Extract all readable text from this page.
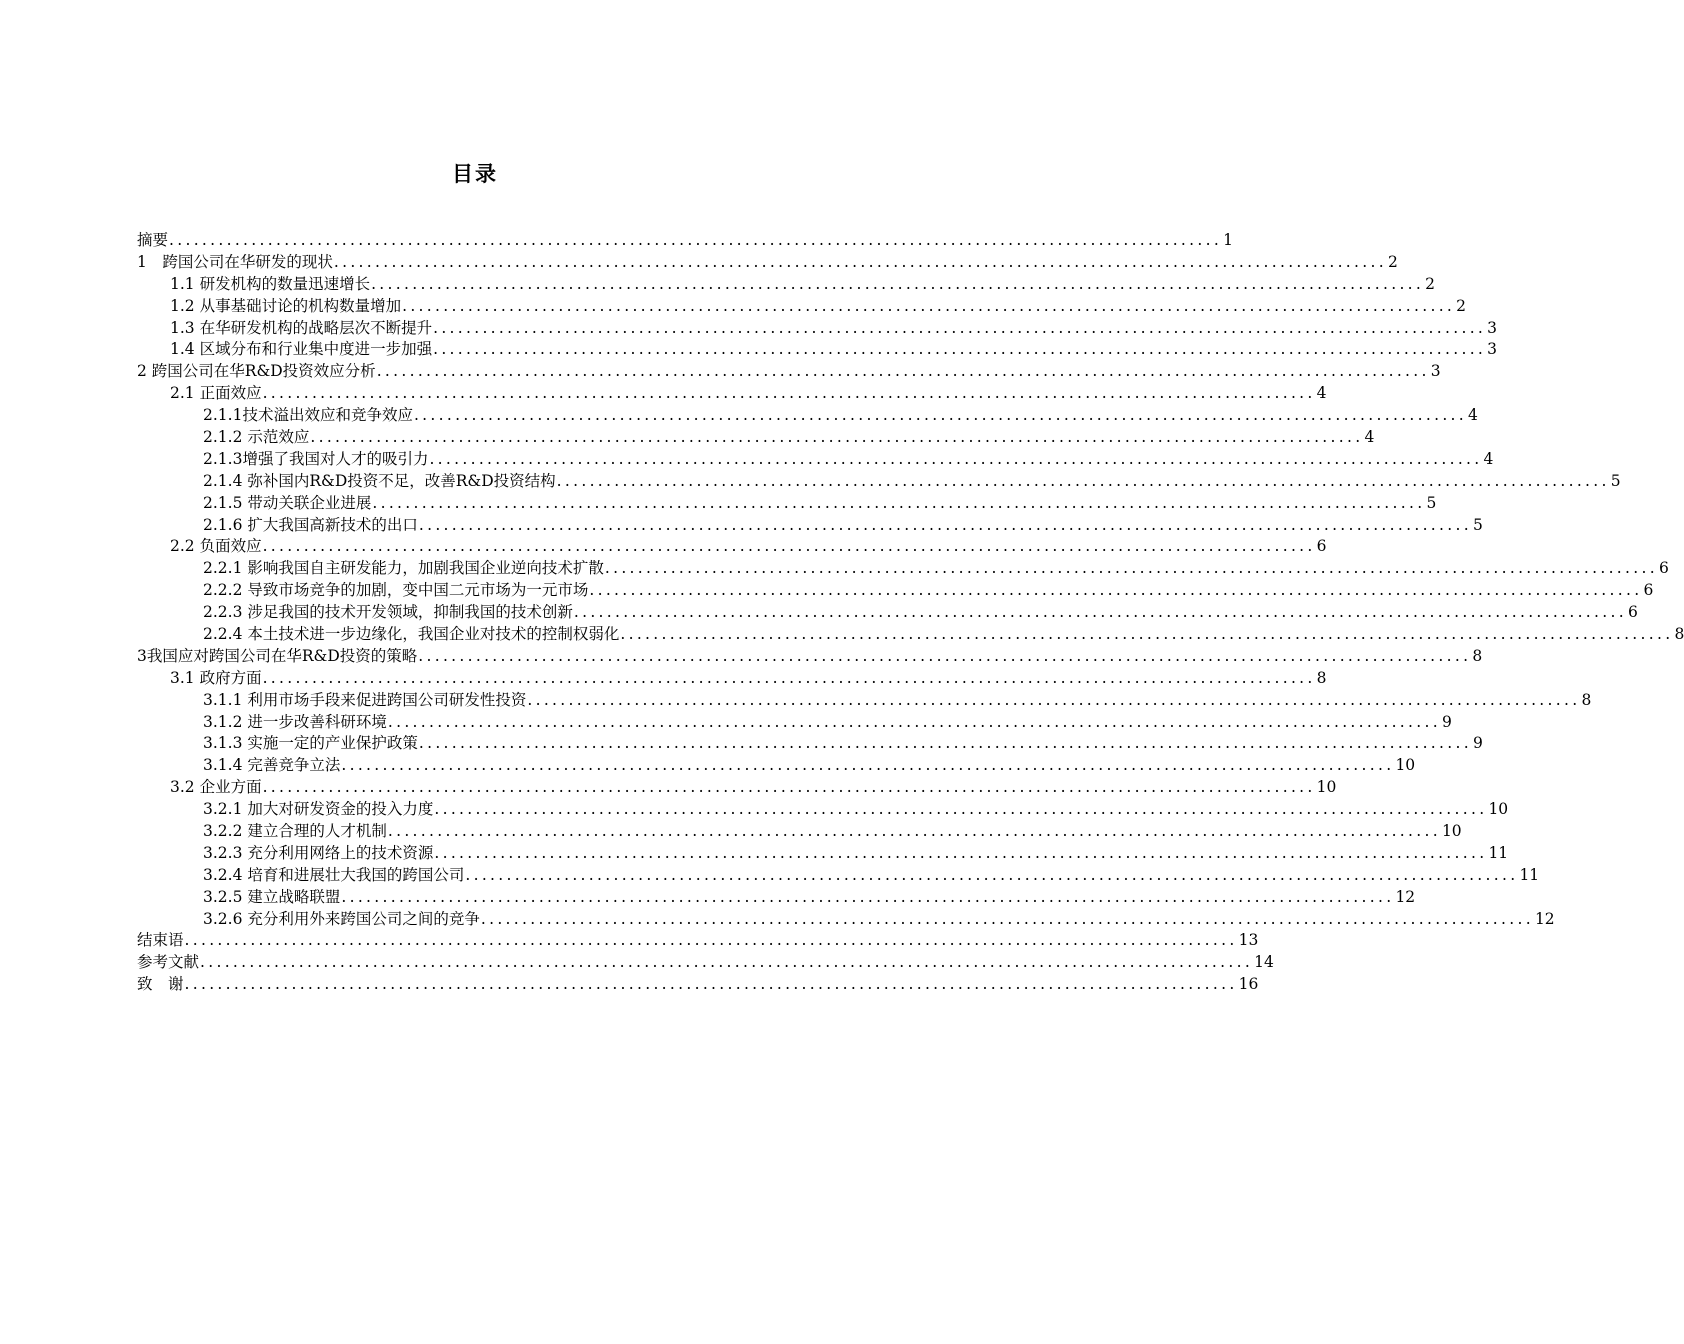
目录
摘要 ................................................................................................................................ 1
1　跨国公司在华研发的现状 ................................................................................................................................ 2
1.1 研发机构的数量迅速增长 ................................................................................................................................ 2
1.2 从事基础讨论的机构数量增加 ................................................................................................................................ 2
1.3 在华研发机构的战略层次不断提升 ................................................................................................................................ 3
1.4 区域分布和行业集中度进一步加强 ................................................................................................................................ 3
2 跨国公司在华R&D投资效应分析 ................................................................................................................................ 3
2.1 正面效应 ................................................................................................................................ 4
2.1.1技术溢出效应和竞争效应 ................................................................................................................................ 4
2.1.2 示范效应 ................................................................................................................................ 4
2.1.3增强了我国对人才的吸引力 ................................................................................................................................ 4
2.1.4 弥补国内R&D投资不足，改善R&D投资结构 ................................................................................................................................ 5
2.1.5 带动关联企业进展 ................................................................................................................................ 5
2.1.6 扩大我国高新技术的出口 ................................................................................................................................ 5
2.2 负面效应 ................................................................................................................................ 6
2.2.1 影响我国自主研发能力，加剧我国企业逆向技术扩散 ................................................................................................................................ 6
2.2.2 导致市场竞争的加剧，变中国二元市场为一元市场 ................................................................................................................................ 6
2.2.3 涉足我国的技术开发领域，抑制我国的技术创新 ................................................................................................................................ 6
2.2.4 本土技术进一步边缘化，我国企业对技术的控制权弱化 ................................................................................................................................ 8
3我国应对跨国公司在华R&D投资的策略 ................................................................................................................................ 8
3.1 政府方面 ................................................................................................................................ 8
3.1.1 利用市场手段来促进跨国公司研发性投资 ................................................................................................................................ 8
3.1.2 进一步改善科研环境 ................................................................................................................................ 9
3.1.3 实施一定的产业保护政策 ................................................................................................................................ 9
3.1.4 完善竞争立法 ................................................................................................................................ 10
3.2 企业方面 ................................................................................................................................ 10
3.2.1 加大对研发资金的投入力度 ................................................................................................................................ 10
3.2.2 建立合理的人才机制 ................................................................................................................................ 10
3.2.3 充分利用网络上的技术资源 ................................................................................................................................ 11
3.2.4 培育和进展壮大我国的跨国公司 ................................................................................................................................ 11
3.2.5 建立战略联盟 ................................................................................................................................ 12
3.2.6 充分利用外来跨国公司之间的竞争 ................................................................................................................................ 12
结束语 ................................................................................................................................ 13
参考文献 ................................................................................................................................ 14
致　谢 ................................................................................................................................ 16
